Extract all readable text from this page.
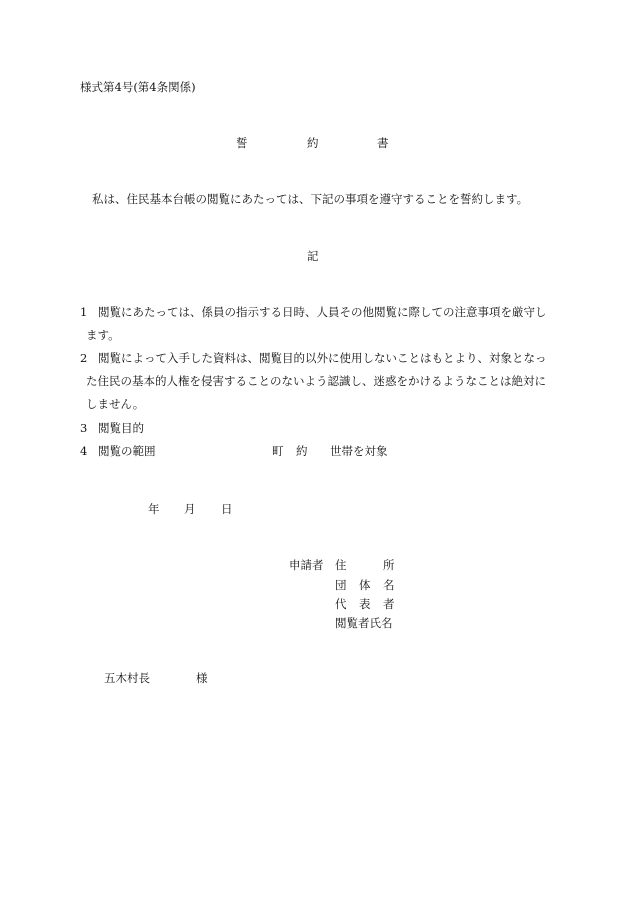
様式第4号(第4条関係)
誓	約	書
私は、住民基本台帳の閲覧にあたっては、下記の事項を遵守することを誓約します。
記
1 閲覧にあたっては、係員の指示する日時、人員その他閲覧に際しての注意事項を厳守し
ます。
2 閲覧によって入手した資料は、閲覧目的以外に使用しないことはもとより、対象となっ
た住民の基本的人権を侵害することのないよう認識し、迷惑をかけるようなことは絶対に
しません。
3 閲覧目的
4 閲覧の範囲	町 約 世帯を対象
年 月 日
申請者 住	所
団 体 名
代 表 者
閲覧者氏名
五木村長	様
